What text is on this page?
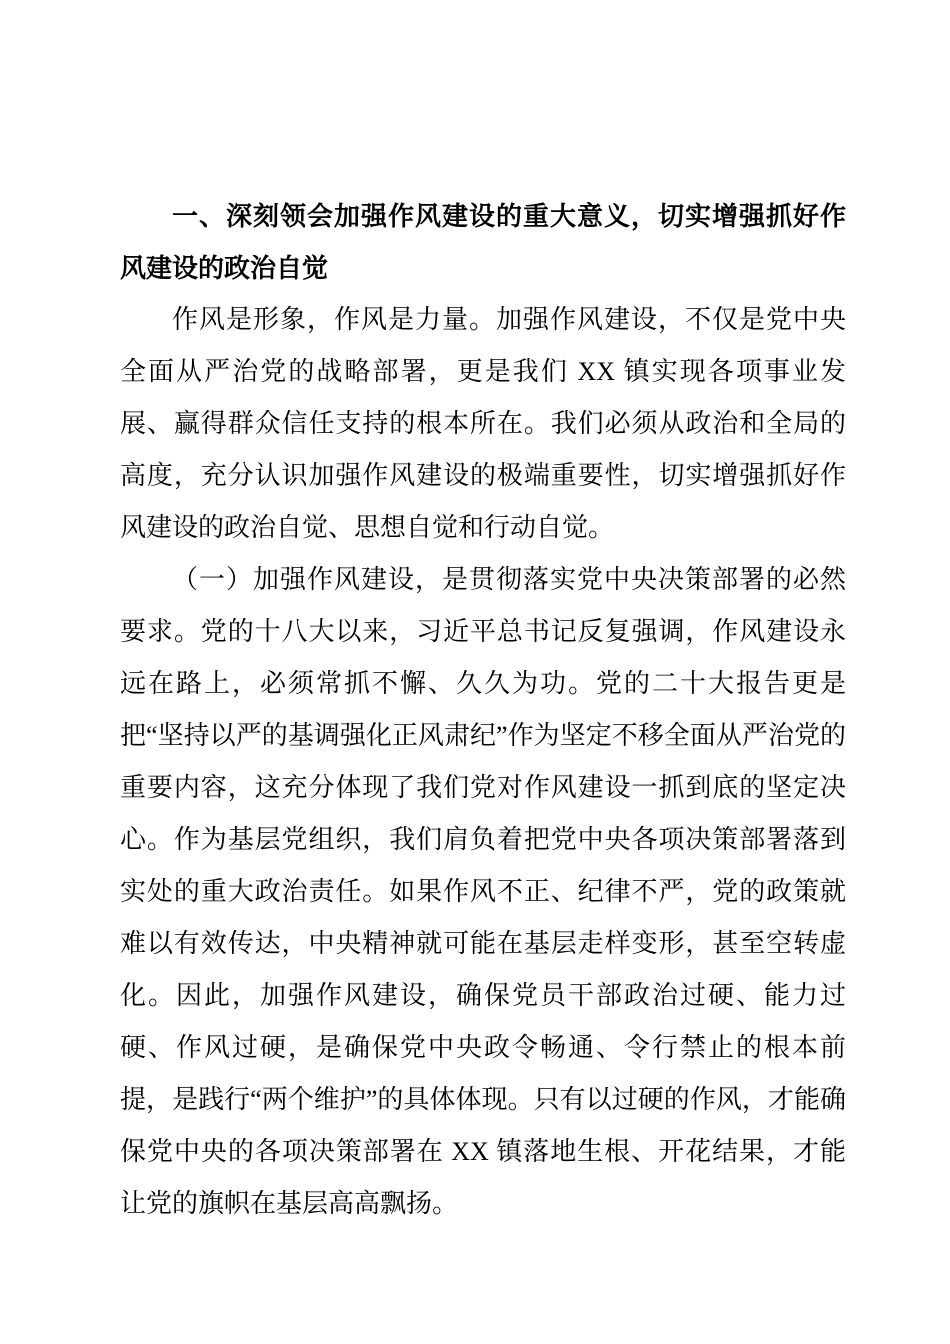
一、深刻领会加强作风建设的重大意义，切实增强抓好作风建设的政治自觉

作风是形象，作风是力量。加强作风建设，不仅是党中央全面从严治党的战略部署，更是我们 XX 镇实现各项事业发展、赢得群众信任支持的根本所在。我们必须从政治和全局的高度，充分认识加强作风建设的极端重要性，切实增强抓好作风建设的政治自觉、思想自觉和行动自觉。

（一）加强作风建设，是贯彻落实党中央决策部署的必然要求。党的十八大以来，习近平总书记反复强调，作风建设永远在路上，必须常抓不懈、久久为功。党的二十大报告更是把“坚持以严的基调强化正风肃纪”作为坚定不移全面从严治党的重要内容，这充分体现了我们党对作风建设一抓到底的坚定决心。作为基层党组织，我们肩负着把党中央各项决策部署落到实处的重大政治责任。如果作风不正、纪律不严，党的政策就难以有效传达，中央精神就可能在基层走样变形，甚至空转虚化。因此，加强作风建设，确保党员干部政治过硬、能力过硬、作风过硬，是确保党中央政令畅通、令行禁止的根本前提，是践行“两个维护”的具体体现。只有以过硬的作风，才能确保党中央的各项决策部署在 XX 镇落地生根、开花结果，才能让党的旗帜在基层高高飘扬。
